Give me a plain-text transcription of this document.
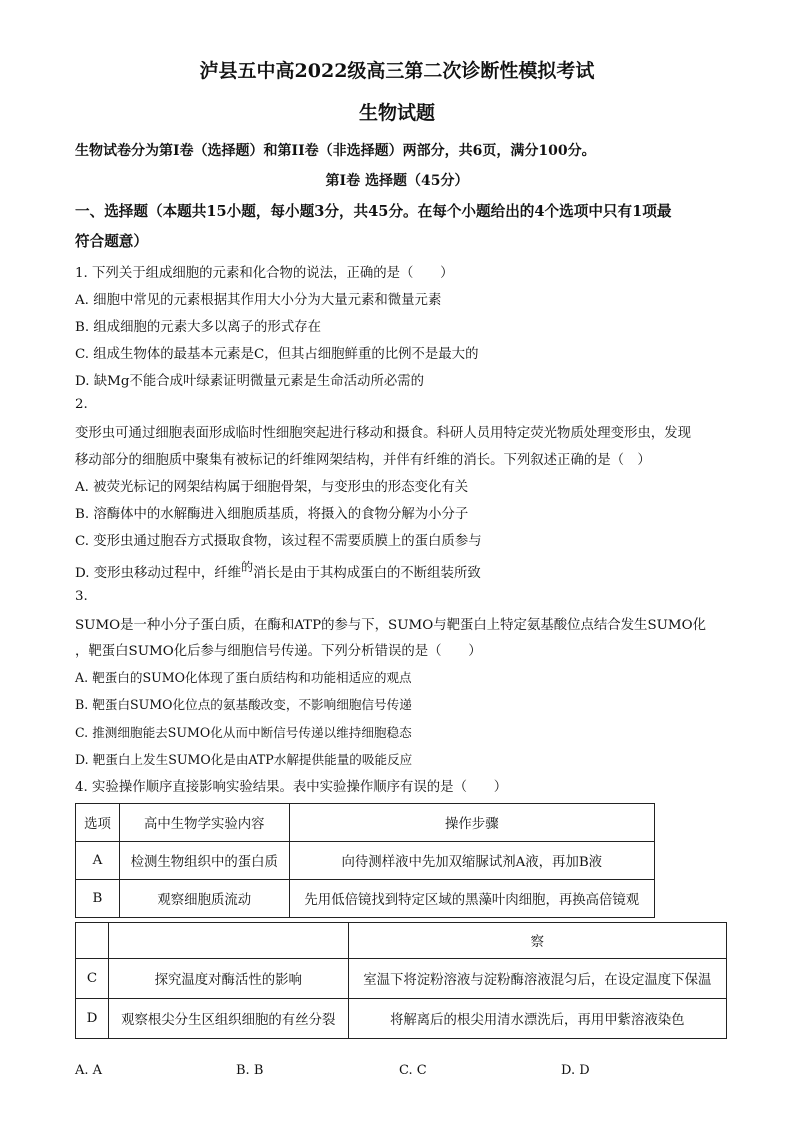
泸县五中高2022级高三第二次诊断性模拟考试
生物试题
生物试卷分为第I卷（选择题）和第II卷（非选择题）两部分，共6页，满分100分。
第I卷 选择题（45分）
一、选择题（本题共15小题，每小题3分，共45分。在每个小题给出的4个选项中只有1项最
符合题意）
1. 下列关于组成细胞的元素和化合物的说法，正确的是（　　）
A. 细胞中常见的元素根据其作用大小分为大量元素和微量元素
B. 组成细胞的元素大多以离子的形式存在
C. 组成生物体的最基本元素是C，但其占细胞鲜重的比例不是最大的
D. 缺Mg不能合成叶绿素证明微量元素是生命活动所必需的
2.
变形虫可通过细胞表面形成临时性细胞突起进行移动和摄食。科研人员用特定荧光物质处理变形虫，发现
移动部分的细胞质中聚集有被标记的纤维网架结构，并伴有纤维的消长。下列叙述正确的是（　）
A. 被荧光标记的网架结构属于细胞骨架，与变形虫的形态变化有关
B. 溶酶体中的水解酶进入细胞质基质，将摄入的食物分解为小分子
C. 变形虫通过胞吞方式摄取食物，该过程不需要质膜上的蛋白质参与
D. 变形虫移动过程中，纤维的消长是由于其构成蛋白的不断组装所致
3.
SUMO是一种小分子蛋白质，在酶和ATP的参与下，SUMO与靶蛋白上特定氨基酸位点结合发生SUMO化
，靶蛋白SUMO化后参与细胞信号传递。下列分析错误的是（　　）
A. 靶蛋白的SUMO化体现了蛋白质结构和功能相适应的观点
B. 靶蛋白SUMO化位点的氨基酸改变，不影响细胞信号传递
C. 推测细胞能去SUMO化从而中断信号传递以维持细胞稳态
D. 靶蛋白上发生SUMO化是由ATP水解提供能量的吸能反应
4. 实验操作顺序直接影响实验结果。表中实验操作顺序有误的是（　　）
选项	高中生物学实验内容	操作步骤
A	检测生物组织中的蛋白质	向待测样液中先加双缩脲试剂A液，再加B液
B	观察细胞质流动	先用低倍镜找到特定区域的黑藻叶肉细胞，再换高倍镜观
		察
C	探究温度对酶活性的影响	室温下将淀粉溶液与淀粉酶溶液混匀后，在设定温度下保温
D	观察根尖分生区组织细胞的有丝分裂	将解离后的根尖用清水漂洗后，再用甲紫溶液染色
A. A	B. B	C. C	D. D
